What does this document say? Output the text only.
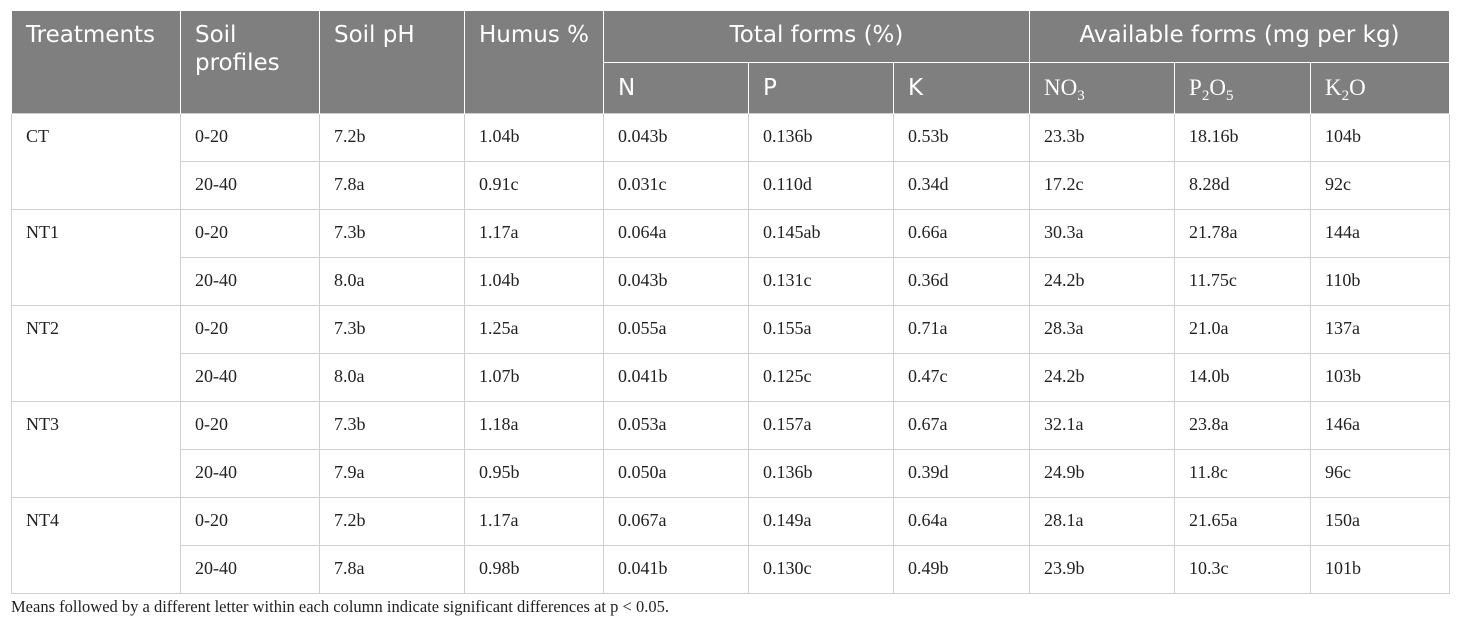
Treatments	Soil profiles	Soil pH	Humus %	Total forms (%)			Available forms (mg per kg)		
				N	P	K	$NO_3$	$P_2O_5$	$K_2O$
CT	0-20	7.2b	1.04b	0.043b	0.136b	0.53b	23.3b	18.16b	104b
	20-40	7.8a	0.91c	0.031c	0.110d	0.34d	17.2c	8.28d	92c
NT1	0-20	7.3b	1.17a	0.064a	0.145ab	0.66a	30.3a	21.78a	144a
	20-40	8.0a	1.04b	0.043b	0.131c	0.36d	24.2b	11.75c	110b
NT2	0-20	7.3b	1.25a	0.055a	0.155a	0.71a	28.3a	21.0a	137a
	20-40	8.0a	1.07b	0.041b	0.125c	0.47c	24.2b	14.0b	103b
NT3	0-20	7.3b	1.18a	0.053a	0.157a	0.67a	32.1a	23.8a	146a
	20-40	7.9a	0.95b	0.050a	0.136b	0.39d	24.9b	11.8c	96c
NT4	0-20	7.2b	1.17a	0.067a	0.149a	0.64a	28.1a	21.65a	150a
	20-40	7.8a	0.98b	0.041b	0.130c	0.49b	23.9b	10.3c	101b
Means followed by a different letter within each column indicate significant differences at p < 0.05.
